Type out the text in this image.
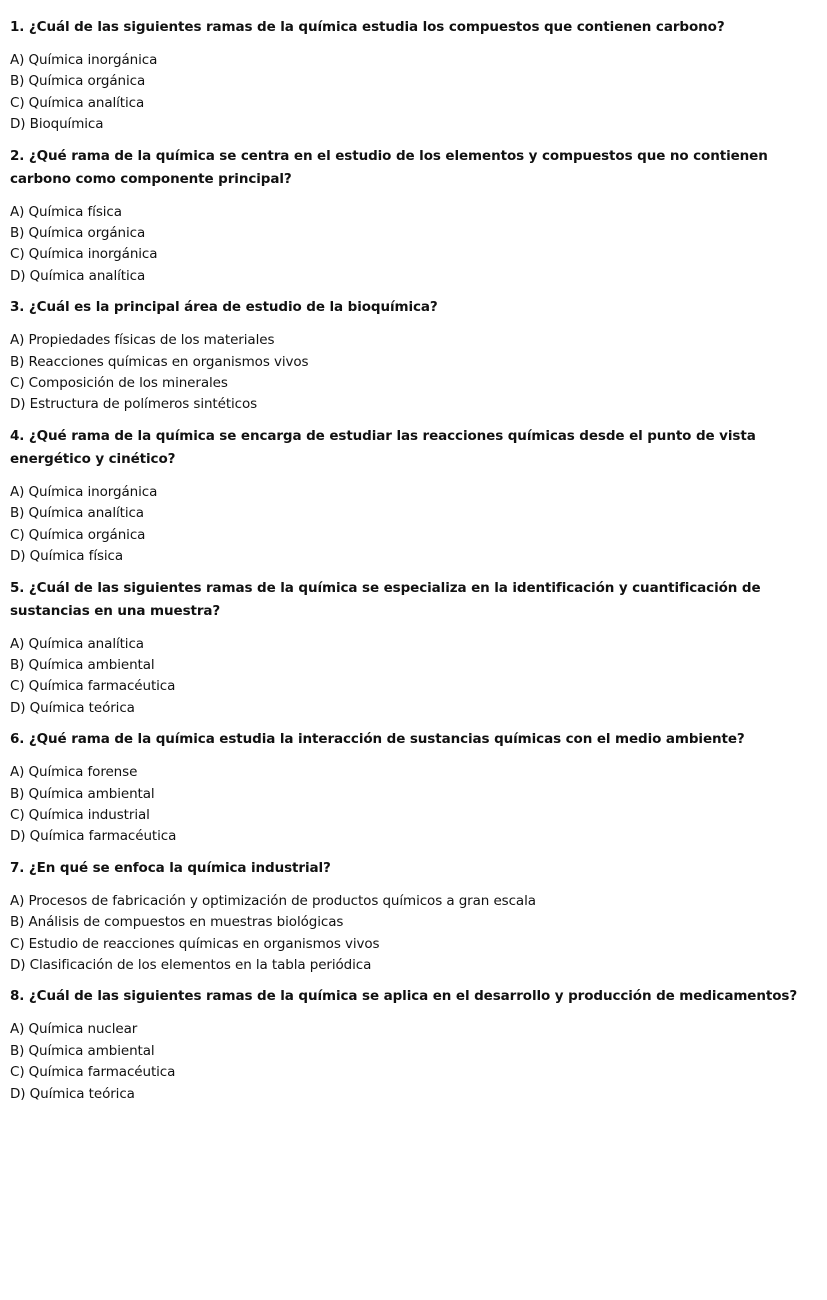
1. ¿Cuál de las siguientes ramas de la química estudia los compuestos que contienen carbono?

A) Química inorgánica
B) Química orgánica
C) Química analítica
D) Bioquímica

2. ¿Qué rama de la química se centra en el estudio de los elementos y compuestos que no contienen carbono como componente principal?

A) Química física
B) Química orgánica
C) Química inorgánica
D) Química analítica

3. ¿Cuál es la principal área de estudio de la bioquímica?

A) Propiedades físicas de los materiales
B) Reacciones químicas en organismos vivos
C) Composición de los minerales
D) Estructura de polímeros sintéticos

4. ¿Qué rama de la química se encarga de estudiar las reacciones químicas desde el punto de vista energético y cinético?

A) Química inorgánica
B) Química analítica
C) Química orgánica
D) Química física

5. ¿Cuál de las siguientes ramas de la química se especializa en la identificación y cuantificación de sustancias en una muestra?

A) Química analítica
B) Química ambiental
C) Química farmacéutica
D) Química teórica

6. ¿Qué rama de la química estudia la interacción de sustancias químicas con el medio ambiente?

A) Química forense
B) Química ambiental
C) Química industrial
D) Química farmacéutica

7. ¿En qué se enfoca la química industrial?

A) Procesos de fabricación y optimización de productos químicos a gran escala
B) Análisis de compuestos en muestras biológicas
C) Estudio de reacciones químicas en organismos vivos
D) Clasificación de los elementos en la tabla periódica

8. ¿Cuál de las siguientes ramas de la química se aplica en el desarrollo y producción de medicamentos?

A) Química nuclear
B) Química ambiental
C) Química farmacéutica
D) Química teórica
